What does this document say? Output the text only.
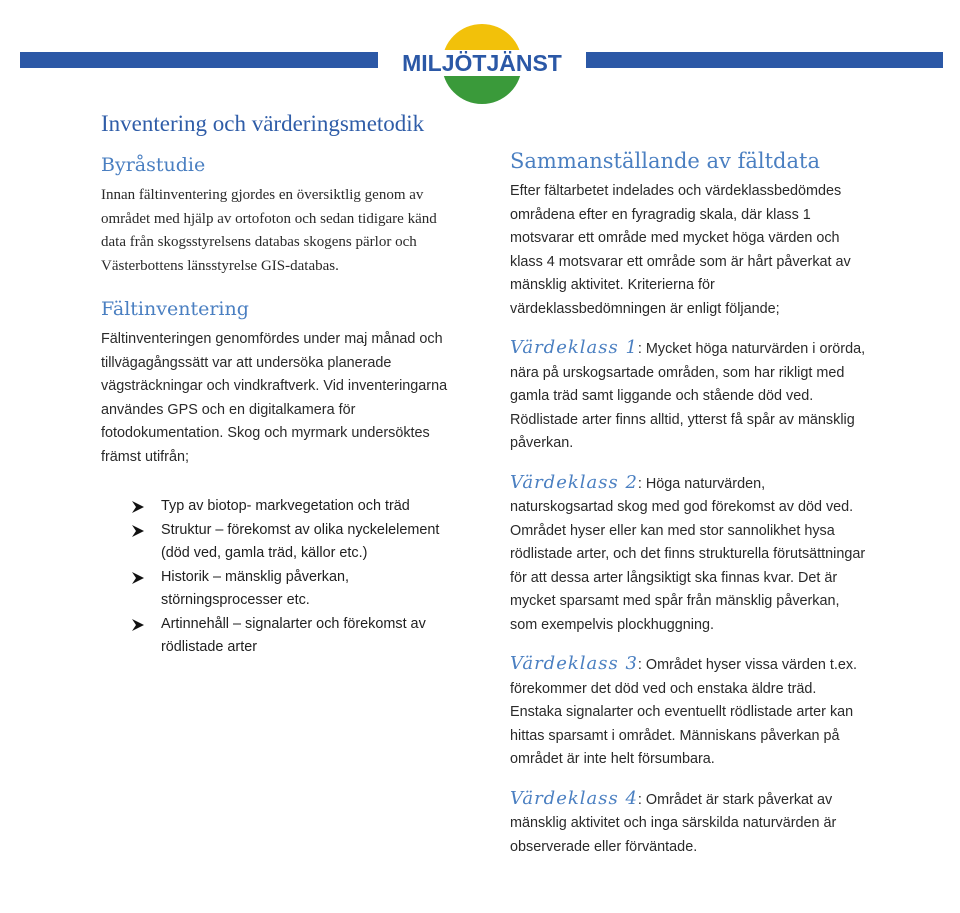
MILJÖTJÄNST
Inventering och värderingsmetodik
Byråstudie

Innan fältinventering gjordes en översiktlig genom av området med hjälp av ortofoton och sedan tidigare känd data från skogsstyrelsens databas skogens pärlor och Västerbottens länsstyrelse GIS-databas.

Fältinventering

Fältinventeringen genomfördes under maj månad och tillvägagångssätt var att undersöka planerade vägsträckningar och vindkraftverk. Vid inventeringarna användes GPS och en digitalkamera för fotodokumentation. Skog och myrmark undersöktes främst utifrån;

Typ av biotop- markvegetation och träd
Struktur – förekomst av olika nyckelelement (död ved, gamla träd, källor etc.)
Historik – mänsklig påverkan, störningsprocesser etc.
Artinnehåll – signalarter och förekomst av rödlistade arter
Sammanställande av fältdata

Efter fältarbetet indelades och värdeklassbedömdes områdena efter en fyragradig skala, där klass 1 motsvarar ett område med mycket höga värden och klass 4 motsvarar ett område som är hårt påverkat av mänsklig aktivitet. Kriterierna för värdeklassbedömningen är enligt följande;

Värdeklass 1: Mycket höga naturvärden i orörda, nära på urskogsartade områden, som har rikligt med gamla träd samt liggande och stående död ved. Rödlistade arter finns alltid, ytterst få spår av mänsklig påverkan.
Värdeklass 2: Höga naturvärden, naturskogsartad skog med god förekomst av död ved. Området hyser eller kan med stor sannolikhet hysa rödlistade arter, och det finns strukturella förutsättningar för att dessa arter långsiktigt ska finnas kvar. Det är mycket sparsamt med spår från mänsklig påverkan, som exempelvis plockhuggning.
Värdeklass 3: Området hyser vissa värden t.ex. förekommer det död ved och enstaka äldre träd. Enstaka signalarter och eventuellt rödlistade arter kan hittas sparsamt i området. Människans påverkan på området är inte helt försumbara.
Värdeklass 4: Området är stark påverkat av mänsklig aktivitet och inga särskilda naturvärden är observerade eller förväntade.
